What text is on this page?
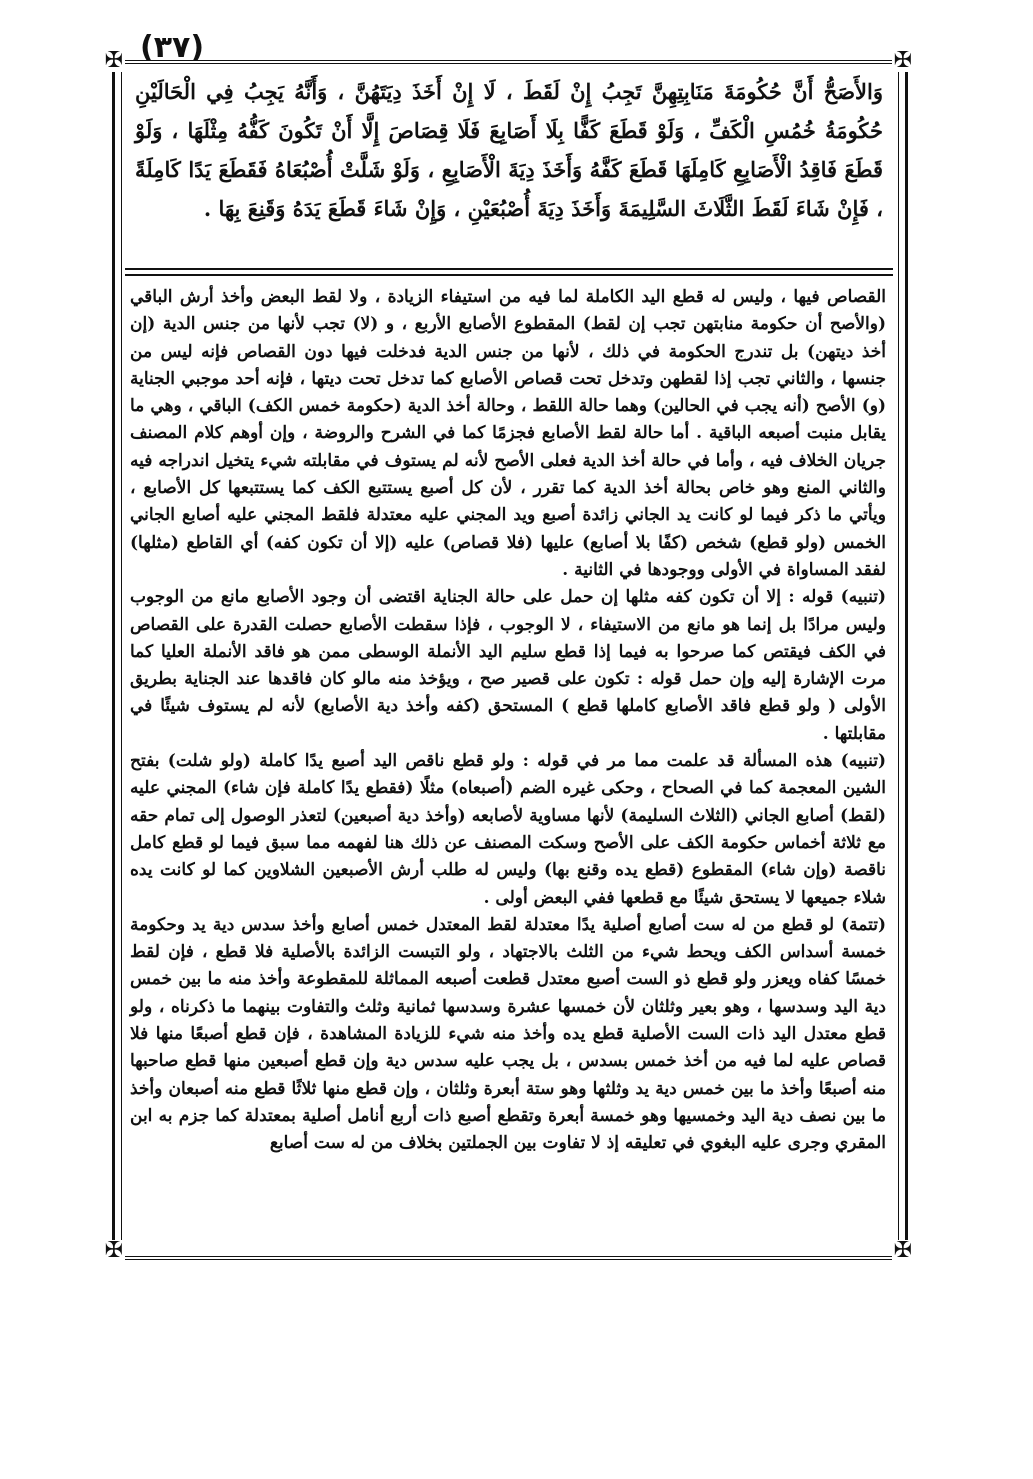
(٣٧)
✠	✠
✠	✠

وَالأَصَحُّ أَنَّ حُكُومَةَ مَنَابِتِهِنَّ تَجِبُ إِنْ لَقَطَ ، لَا إِنْ أَخَذَ دِيَتَهُنَّ ، وَأَنَّهُ يَجِبُ فِي الْحَالَيْنِ حُكُومَةُ خُمُسِ الْكَفِّ ، وَلَوْ قَطَعَ كَفًّا بِلَا أَصَابِعَ فَلَا قِصَاصَ إِلَّا أَنْ تَكُونَ كَفُّهُ مِثْلَهَا ، وَلَوْ قَطَعَ فَاقِدُ الْأَصَابِعِ كَامِلَهَا قَطَعَ كَفَّهُ وَأَخَذَ دِيَةَ الْأَصَابِعِ ، وَلَوْ شَلَّتْ أُصْبُعَاهُ فَقَطَعَ يَدًا كَامِلَةً ، فَإِنْ شَاءَ لَقَطَ الثَّلَاثَ السَّلِيمَةَ وَأَخَذَ دِيَةَ أُصْبُعَيْنِ ، وَإِنْ شَاءَ قَطَعَ يَدَهُ وَقَنِعَ بِهَا .

القصاص فيها ، وليس له قطع اليد الكاملة لما فيه من استيفاء الزيادة ، ولا لقط البعض وأخذ أرش الباقي (والأصح أن حكومة منابتهن تجب إن لقط) المقطوع الأصابع الأربع ، و (لا) تجب لأنها من جنس الدية (إن أخذ ديتهن) بل تندرج الحكومة في ذلك ، لأنها من جنس الدية فدخلت فيها دون القصاص فإنه ليس من جنسها ، والثاني تجب إذا لقطهن وتدخل تحت قصاص الأصابع كما تدخل تحت ديتها ، فإنه أحد موجبي الجناية (و) الأصح (أنه يجب في الحالين) وهما حالة اللقط ، وحالة أخذ الدية (حكومة خمس الكف) الباقي ، وهي ما يقابل منبت أصبعه الباقية . أما حالة لقط الأصابع فجزمًا كما في الشرح والروضة ، وإن أوهم كلام المصنف جريان الخلاف فيه ، وأما في حالة أخذ الدية فعلى الأصح لأنه لم يستوف في مقابلته شيء يتخيل اندراجه فيه والثاني المنع وهو خاص بحالة أخذ الدية كما تقرر ، لأن كل أصبع يستتبع الكف كما يستتبعها كل الأصابع ، ويأتي ما ذكر فيما لو كانت يد الجاني زائدة أصبع ويد المجني عليه معتدلة فلقط المجني عليه أصابع الجاني الخمس (ولو قطع) شخص (كفًا بلا أصابع) عليها (فلا قصاص) عليه (إلا أن تكون كفه) أي القاطع (مثلها) لفقد المساواة في الأولى ووجودها في الثانية .

(تنبيه) قوله : إلا أن تكون كفه مثلها إن حمل على حالة الجناية اقتضى أن وجود الأصابع مانع من الوجوب وليس مرادًا بل إنما هو مانع من الاستيفاء ، لا الوجوب ، فإذا سقطت الأصابع حصلت القدرة على القصاص في الكف فيقتص كما صرحوا به فيما إذا قطع سليم اليد الأنملة الوسطى ممن هو فاقد الأنملة العليا كما مرت الإشارة إليه وإن حمل قوله : تكون على قصير صح ، ويؤخذ منه مالو كان فاقدها عند الجناية بطريق الأولى ( ولو قطع فاقد الأصابع كاملها قطع ) المستحق (كفه وأخذ دية الأصابع) لأنه لم يستوف شيئًا في مقابلتها .

(تنبيه) هذه المسألة قد علمت مما مر في قوله : ولو قطع ناقص اليد أصبع يدًا كاملة (ولو شلت) بفتح الشين المعجمة كما في الصحاح ، وحكى غيره الضم (أصبعاه) مثلًا (فقطع يدًا كاملة فإن شاء) المجني عليه (لقط) أصابع الجاني (الثلاث السليمة) لأنها مساوية لأصابعه (وأخذ دية أصبعين) لتعذر الوصول إلى تمام حقه مع ثلاثة أخماس حكومة الكف على الأصح وسكت المصنف عن ذلك هنا لفهمه مما سبق فيما لو قطع كامل ناقصة (وإن شاء) المقطوع (قطع يده وقنع بها) وليس له طلب أرش الأصبعين الشلاوين كما لو كانت يده شلاء جميعها لا يستحق شيئًا مع قطعها ففي البعض أولى .

(تتمة) لو قطع من له ست أصابع أصلية يدًا معتدلة لقط المعتدل خمس أصابع وأخذ سدس دية يد وحكومة خمسة أسداس الكف ويحط شيء من الثلث بالاجتهاد ، ولو التبست الزائدة بالأصلية فلا قطع ، فإن لقط خمسًا كفاه ويعزر ولو قطع ذو الست أصبع معتدل قطعت أصبعه المماثلة للمقطوعة وأخذ منه ما بين خمس دية اليد وسدسها ، وهو بعير وثلثان لأن خمسها عشرة وسدسها ثمانية وثلث والتفاوت بينهما ما ذكرناه ، ولو قطع معتدل اليد ذات الست الأصلية قطع يده وأخذ منه شيء للزيادة المشاهدة ، فإن قطع أصبعًا منها فلا قصاص عليه لما فيه من أخذ خمس بسدس ، بل يجب عليه سدس دية وإن قطع أصبعين منها قطع صاحبها منه أصبعًا وأخذ ما بين خمس دية يد وثلثها وهو ستة أبعرة وثلثان ، وإن قطع منها ثلاثًا قطع منه أصبعان وأخذ ما بين نصف دية اليد وخمسيها وهو خمسة أبعرة وتقطع أصبع ذات أربع أنامل أصلية بمعتدلة كما جزم به ابن المقري وجرى عليه البغوي في تعليقه إذ لا تفاوت بين الجملتين بخلاف من له ست أصابع
